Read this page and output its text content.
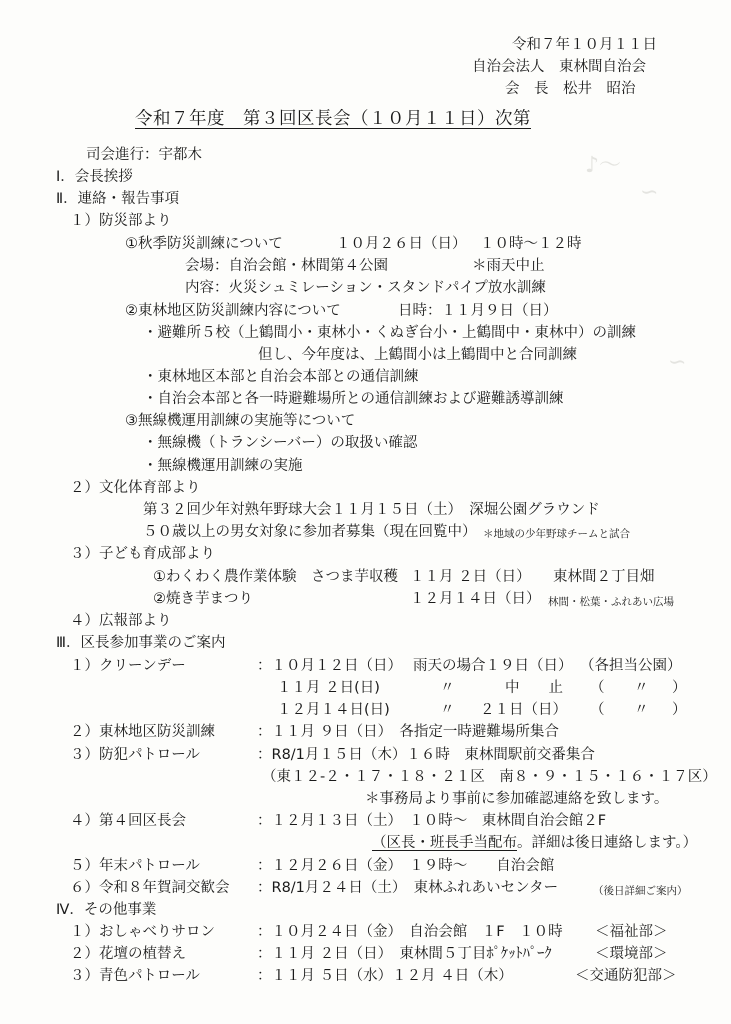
♪〜
∽
∽
令和７年１０月１１日
自治会法人　東林間自治会
会　長　松井　昭治
令和７年度　第３回区長会（１０月１１日）次第
司会進行：宇都木
Ⅰ．会長挨拶
Ⅱ．連絡・報告事項
１）防災部より
①秋季防災訓練について	１０月２６日（日） １０時～１２時
会場：自治会館・林間第４公園	＊雨天中止
内容：火災シュミレーション・スタンドパイプ放水訓練
②東林地区防災訓練内容について	日時：１１月９日（日）
・避難所５校（上鶴間小・東林小・くぬぎ台小・上鶴間中・東林中）の訓練
但し、今年度は、上鶴間小は上鶴間中と合同訓練
・東林地区本部と自治会本部との通信訓練
・自治会本部と各一時避難場所との通信訓練および避難誘導訓練
③無線機運用訓練の実施等について
・無線機（トランシーバー）の取扱い確認
・無線機運用訓練の実施
２）文化体育部より
第３２回少年対熟年野球大会１１月１５日（土）　深堀公園グラウンド
５０歳以上の男女対象に参加者募集（現在回覧中） ＊地域の少年野球チームと試合
３）子ども育成部より
①わくわく農作業体験　さつま芋収穫 １１月 ２日（日） 東林間２丁目畑
②焼き芋まつり	１２月１４日（日） 林間・松葉・ふれあい広場
４）広報部より
Ⅲ．区長参加事業のご案内
１）クリーンデー	：１０月１２日（日） 雨天の場合１９日（日） （各担当公園）
１１月 ２日(日)	〃	中　　止 （ 〃 ）
１２月１４日(日)	〃 ２１日（日） （ 〃 ）
２）東林地区防災訓練	：１１月 ９日（日）　各指定一時避難場所集合
３）防犯パトロール	：R8/1月１５日（木）１６時　東林間駅前交番集合
（東１２-２・１７・１８・２１区　南８・９・１５・１６・１７区）
＊事務局より事前に参加確認連絡を致します。
４）第４回区長会	：１２月１３日（土）　１０時～　東林間自治会館２F
（区長・班長手当配布。詳細は後日連絡します。）
５）年末パトロール	：１２月２６日（金）　１９時～　　自治会館
６）令和８年賀詞交歓会 ：R8/1月２４日（土）　東林ふれあいセンター	（後日詳細ご案内）
Ⅳ．その他事業
１）おしゃべりサロン	：１０月２４日（金）　自治会館　１F　１０時 ＜福祉部＞
２）花壇の植替え	：１１月 ２日（日）　東林間５丁目ﾎﾟｹｯﾄﾊﾟｰｸ	＜環境部＞
３）青色パトロール	：１１月 ５日（水）１２月 ４日（木）	＜交通防犯部＞
